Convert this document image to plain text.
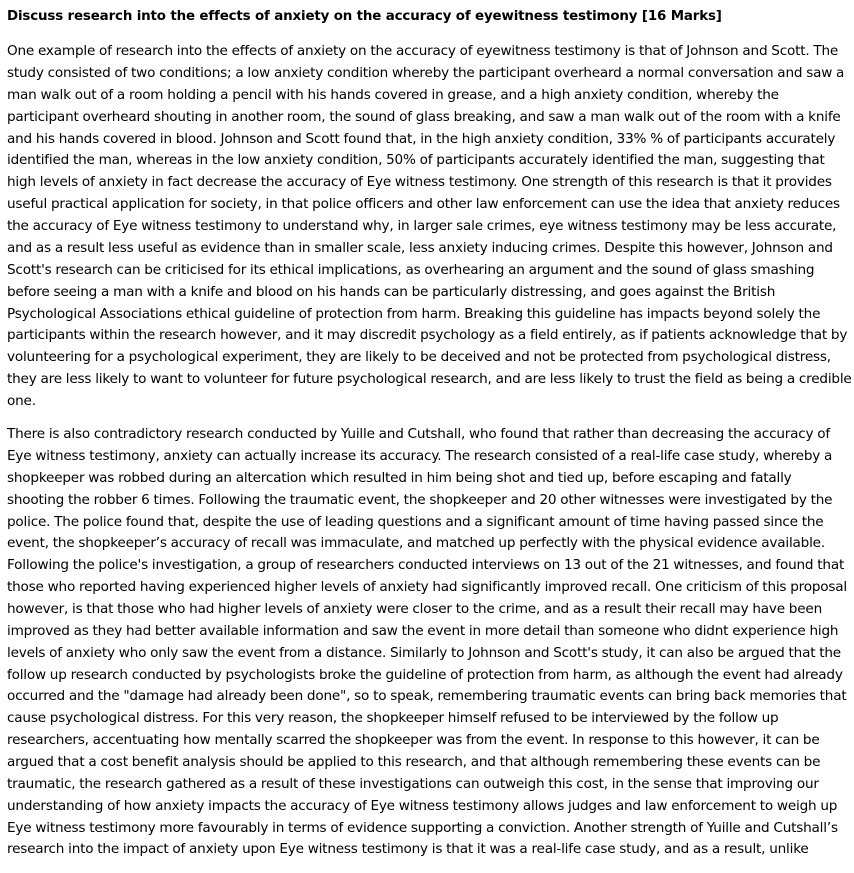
Discuss research into the effects of anxiety on the accuracy of eyewitness testimony [16 Marks]

One example of research into the effects of anxiety on the accuracy of eyewitness testimony is that of Johnson and Scott. The
study consisted of two conditions; a low anxiety condition whereby the participant overheard a normal conversation and saw a
man walk out of a room holding a pencil with his hands covered in grease, and a high anxiety condition, whereby the
participant overheard shouting in another room, the sound of glass breaking, and saw a man walk out of the room with a knife
and his hands covered in blood. Johnson and Scott found that, in the high anxiety condition, 33% % of participants accurately
identified the man, whereas in the low anxiety condition, 50% of participants accurately identified the man, suggesting that
high levels of anxiety in fact decrease the accuracy of Eye witness testimony. One strength of this research is that it provides
useful practical application for society, in that police officers and other law enforcement can use the idea that anxiety reduces
the accuracy of Eye witness testimony to understand why, in larger sale crimes, eye witness testimony may be less accurate,
and as a result less useful as evidence than in smaller scale, less anxiety inducing crimes. Despite this however, Johnson and
Scott's research can be criticised for its ethical implications, as overhearing an argument and the sound of glass smashing
before seeing a man with a knife and blood on his hands can be particularly distressing, and goes against the British
Psychological Associations ethical guideline of protection from harm. Breaking this guideline has impacts beyond solely the
participants within the research however, and it may discredit psychology as a field entirely, as if patients acknowledge that by
volunteering for a psychological experiment, they are likely to be deceived and not be protected from psychological distress,
they are less likely to want to volunteer for future psychological research, and are less likely to trust the field as being a credible
one.

There is also contradictory research conducted by Yuille and Cutshall, who found that rather than decreasing the accuracy of
Eye witness testimony, anxiety can actually increase its accuracy. The research consisted of a real-life case study, whereby a
shopkeeper was robbed during an altercation which resulted in him being shot and tied up, before escaping and fatally
shooting the robber 6 times. Following the traumatic event, the shopkeeper and 20 other witnesses were investigated by the
police. The police found that, despite the use of leading questions and a significant amount of time having passed since the
event, the shopkeeper’s accuracy of recall was immaculate, and matched up perfectly with the physical evidence available.
Following the police's investigation, a group of researchers conducted interviews on 13 out of the 21 witnesses, and found that
those who reported having experienced higher levels of anxiety had significantly improved recall. One criticism of this proposal
however, is that those who had higher levels of anxiety were closer to the crime, and as a result their recall may have been
improved as they had better available information and saw the event in more detail than someone who didnt experience high
levels of anxiety who only saw the event from a distance. Similarly to Johnson and Scott's study, it can also be argued that the
follow up research conducted by psychologists broke the guideline of protection from harm, as although the event had already
occurred and the "damage had already been done", so to speak, remembering traumatic events can bring back memories that
cause psychological distress. For this very reason, the shopkeeper himself refused to be interviewed by the follow up
researchers, accentuating how mentally scarred the shopkeeper was from the event. In response to this however, it can be
argued that a cost benefit analysis should be applied to this research, and that although remembering these events can be
traumatic, the research gathered as a result of these investigations can outweigh this cost, in the sense that improving our
understanding of how anxiety impacts the accuracy of Eye witness testimony allows judges and law enforcement to weigh up
Eye witness testimony more favourably in terms of evidence supporting a conviction. Another strength of Yuille and Cutshall’s
research into the impact of anxiety upon Eye witness testimony is that it was a real-life case study, and as a result, unlike
